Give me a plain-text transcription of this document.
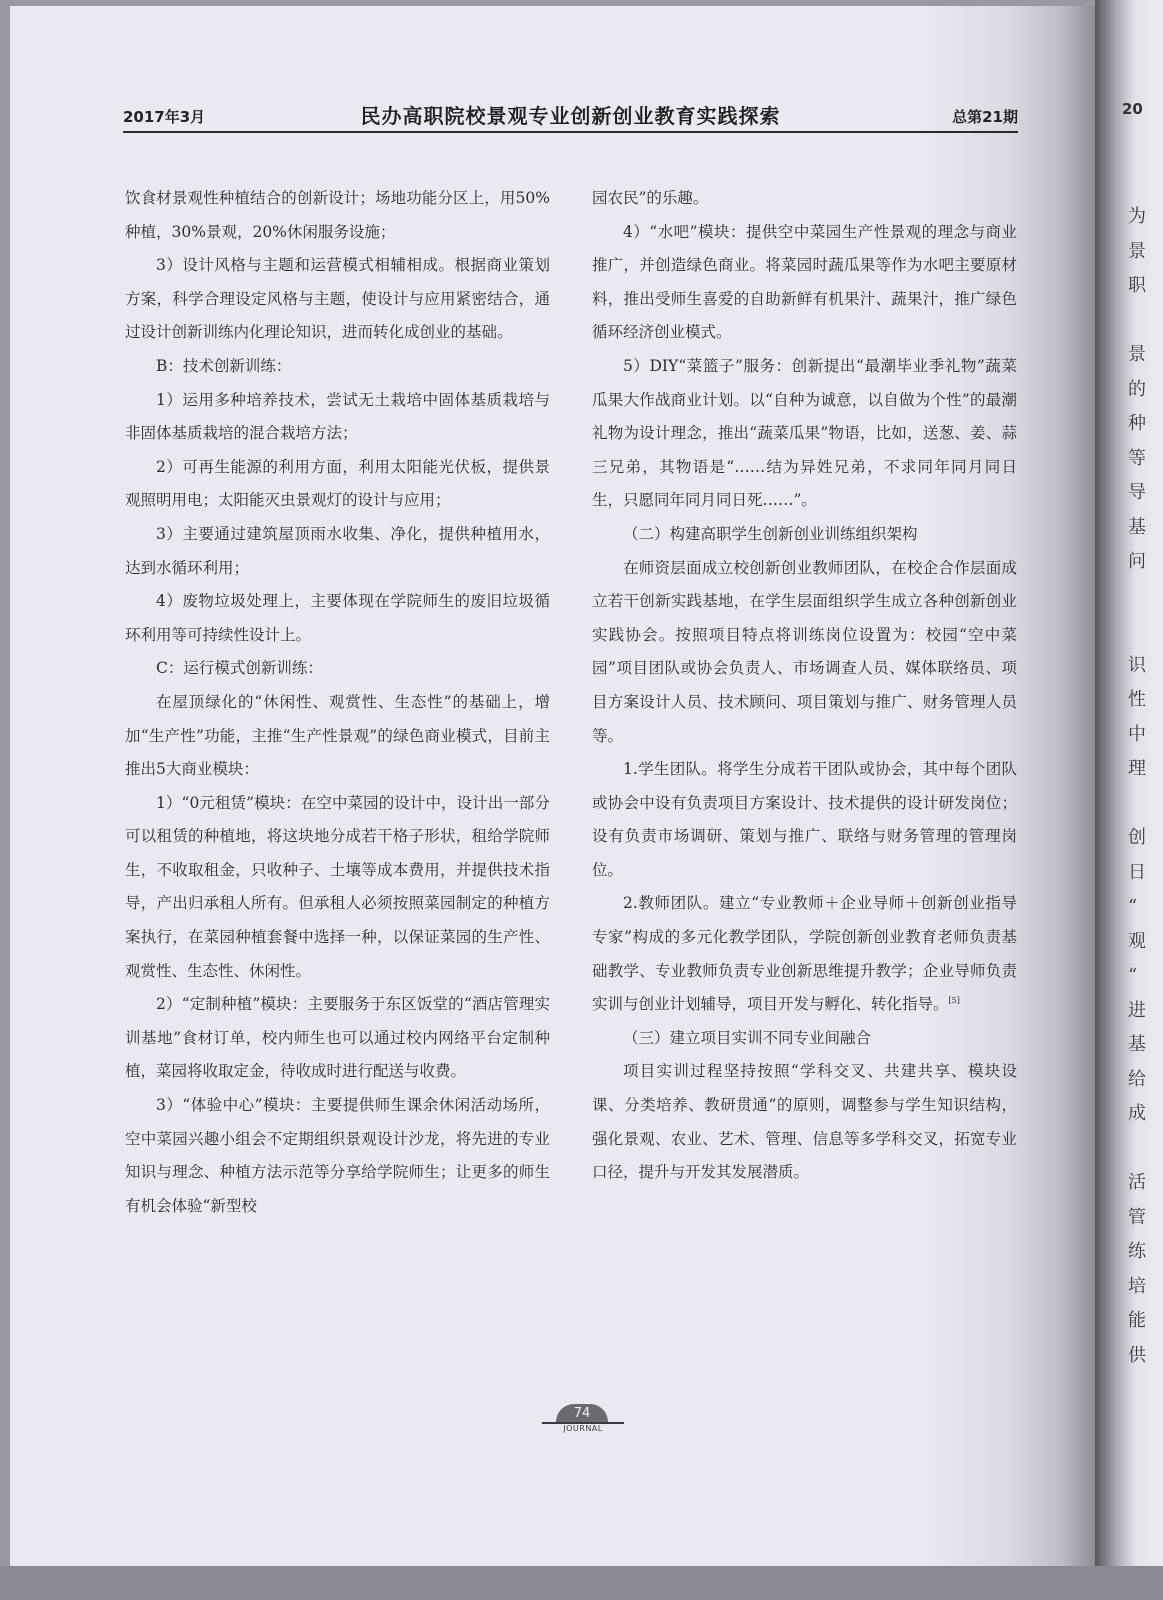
2017年3月	民办高职院校景观专业创新创业教育实践探索	总第21期

饮食材景观性种植结合的创新设计；场地功能分区上，用50%种植，30%景观，20%休闲服务设施；

3）设计风格与主题和运营模式相辅相成。根据商业策划方案，科学合理设定风格与主题，使设计与应用紧密结合，通过设计创新训练内化理论知识，进而转化成创业的基础。

B：技术创新训练：

1）运用多种培养技术，尝试无土栽培中固体基质栽培与非固体基质栽培的混合栽培方法；

2）可再生能源的利用方面，利用太阳能光伏板，提供景观照明用电；太阳能灭虫景观灯的设计与应用；

3）主要通过建筑屋顶雨水收集、净化，提供种植用水，达到水循环利用；

4）废物垃圾处理上，主要体现在学院师生的废旧垃圾循环利用等可持续性设计上。

C：运行模式创新训练：

在屋顶绿化的“休闲性、观赏性、生态性”的基础上，增加“生产性”功能，主推“生产性景观”的绿色商业模式，目前主推出5大商业模块：

1）“0元租赁”模块：在空中菜园的设计中，设计出一部分可以租赁的种植地，将这块地分成若干格子形状，租给学院师生，不收取租金，只收种子、土壤等成本费用，并提供技术指导，产出归承租人所有。但承租人必须按照菜园制定的种植方案执行，在菜园种植套餐中选择一种，以保证菜园的生产性、观赏性、生态性、休闲性。

2）“定制种植”模块：主要服务于东区饭堂的“酒店管理实训基地”食材订单，校内师生也可以通过校内网络平台定制种植，菜园将收取定金，待收成时进行配送与收费。

3）“体验中心”模块：主要提供师生课余休闲活动场所，空中菜园兴趣小组会不定期组织景观设计沙龙，将先进的专业知识与理念、种植方法示范等分享给学院师生；让更多的师生有机会体验“新型校

园农民”的乐趣。

4）“水吧”模块：提供空中菜园生产性景观的理念与商业推广，并创造绿色商业。将菜园时蔬瓜果等作为水吧主要原材料，推出受师生喜爱的自助新鲜有机果汁、蔬果汁，推广绿色循环经济创业模式。

5）DIY“菜篮子”服务：创新提出“最潮毕业季礼物”蔬菜瓜果大作战商业计划。以“自种为诚意，以自做为个性”的最潮礼物为设计理念，推出“蔬菜瓜果”物语，比如，送葱、姜、蒜三兄弟，其物语是“……结为异姓兄弟，不求同年同月同日生，只愿同年同月同日死……”。

（二）构建高职学生创新创业训练组织架构

在师资层面成立校创新创业教师团队，在校企合作层面成立若干创新实践基地，在学生层面组织学生成立各种创新创业实践协会。按照项目特点将训练岗位设置为：校园“空中菜园”项目团队或协会负责人、市场调查人员、媒体联络员、项目方案设计人员、技术顾问、项目策划与推广、财务管理人员等。

1.学生团队。将学生分成若干团队或协会，其中每个团队或协会中设有负责项目方案设计、技术提供的设计研发岗位；设有负责市场调研、策划与推广、联络与财务管理的管理岗位。

2.教师团队。建立“专业教师＋企业导师＋创新创业指导专家”构成的多元化教学团队，学院创新创业教育老师负责基础教学、专业教师负责专业创新思维提升教学；企业导师负责实训与创业计划辅导，项目开发与孵化、转化指导。[5]

（三）建立项目实训不同专业间融合

项目实训过程坚持按照“学科交叉、共建共享、模块设课、分类培养、教研贯通”的原则，调整参与学生知识结构，强化景观、农业、艺术、管理、信息等多学科交叉，拓宽专业口径，提升与开发其发展潜质。

20
为
景
职

景
的
种
等
导
基
问

识
性
中
理

创
日
“
观
“
进
基
给
成

活
管
练
培
能
供
74
JOURNAL
